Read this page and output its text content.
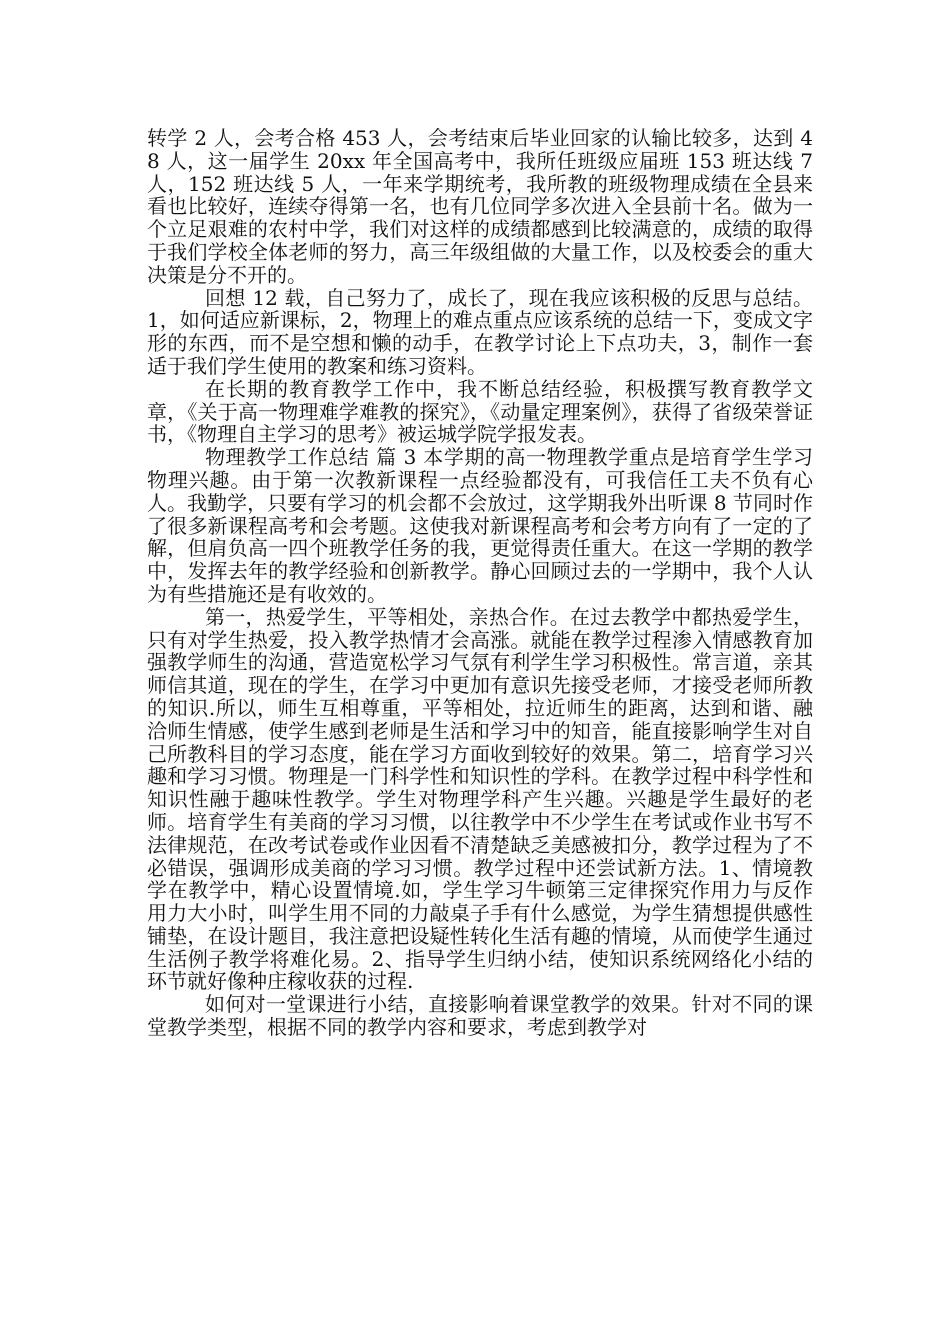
转学 2 人，会考合格 453 人，会考结束后毕业回家的认输比较多，达到 48 人，这一届学生 20xx 年全国高考中，我所任班级应届班 153 班达线 7 人，152 班达线 5 人，一年来学期统考，我所教的班级物理成绩在全县来看也比较好，连续夺得第一名，也有几位同学多次进入全县前十名。做为一个立足艰难的农村中学，我们对这样的成绩都感到比较满意的，成绩的取得于我们学校全体老师的努力，高三年级组做的大量工作，以及校委会的重大决策是分不开的。

回想 12 载，自己努力了，成长了，现在我应该积极的反思与总结。1，如何适应新课标，2，物理上的难点重点应该系统的总结一下，变成文字形的东西，而不是空想和懒的动手，在教学讨论上下点功夫，3，制作一套适于我们学生使用的教案和练习资料。

在长期的教育教学工作中，我不断总结经验，积极撰写教育教学文章，《关于高一物理难学难教的探究》，《动量定理案例》，获得了省级荣誉证书，《物理自主学习的思考》被运城学院学报发表。

物理教学工作总结 篇 3 本学期的高一物理教学重点是培育学生学习物理兴趣。由于第一次教新课程一点经验都没有，可我信任工夫不负有心人。我勤学，只要有学习的机会都不会放过，这学期我外出听课 8 节同时作了很多新课程高考和会考题。这使我对新课程高考和会考方向有了一定的了解，但肩负高一四个班教学任务的我，更觉得责任重大。在这一学期的教学中，发挥去年的教学经验和创新教学。静心回顾过去的一学期中，我个人认为有些措施还是有收效的。

第一，热爱学生，平等相处，亲热合作。在过去教学中都热爱学生，只有对学生热爱，投入教学热情才会高涨。就能在教学过程渗入情感教育加强教学师生的沟通，营造宽松学习气氛有利学生学习积极性。常言道，亲其师信其道，现在的学生，在学习中更加有意识先接受老师，才接受老师所教的知识.所以，师生互相尊重，平等相处，拉近师生的距离，达到和谐、融洽师生情感，使学生感到老师是生活和学习中的知音，能直接影响学生对自己所教科目的学习态度，能在学习方面收到较好的效果。第二，培育学习兴趣和学习习惯。物理是一门科学性和知识性的学科。在教学过程中科学性和知识性融于趣味性教学。学生对物理学科产生兴趣。兴趣是学生最好的老师。培育学生有美商的学习习惯，以往教学中不少学生在考试或作业书写不法律规范，在改考试卷或作业因看不清楚缺乏美感被扣分，教学过程为了不必错误，强调形成美商的学习习惯。教学过程中还尝试新方法。1、情境教学在教学中，精心设置情境.如，学生学习牛顿第三定律探究作用力与反作用力大小时，叫学生用不同的力敲桌子手有什么感觉，为学生猜想提供感性铺垫，在设计题目，我注意把设疑性转化生活有趣的情境，从而使学生通过生活例子教学将难化易。2、指导学生归纳小结，使知识系统网络化小结的环节就好像种庄稼收获的过程.

如何对一堂课进行小结，直接影响着课堂教学的效果。针对不同的课堂教学类型，根据不同的教学内容和要求，考虑到教学对
